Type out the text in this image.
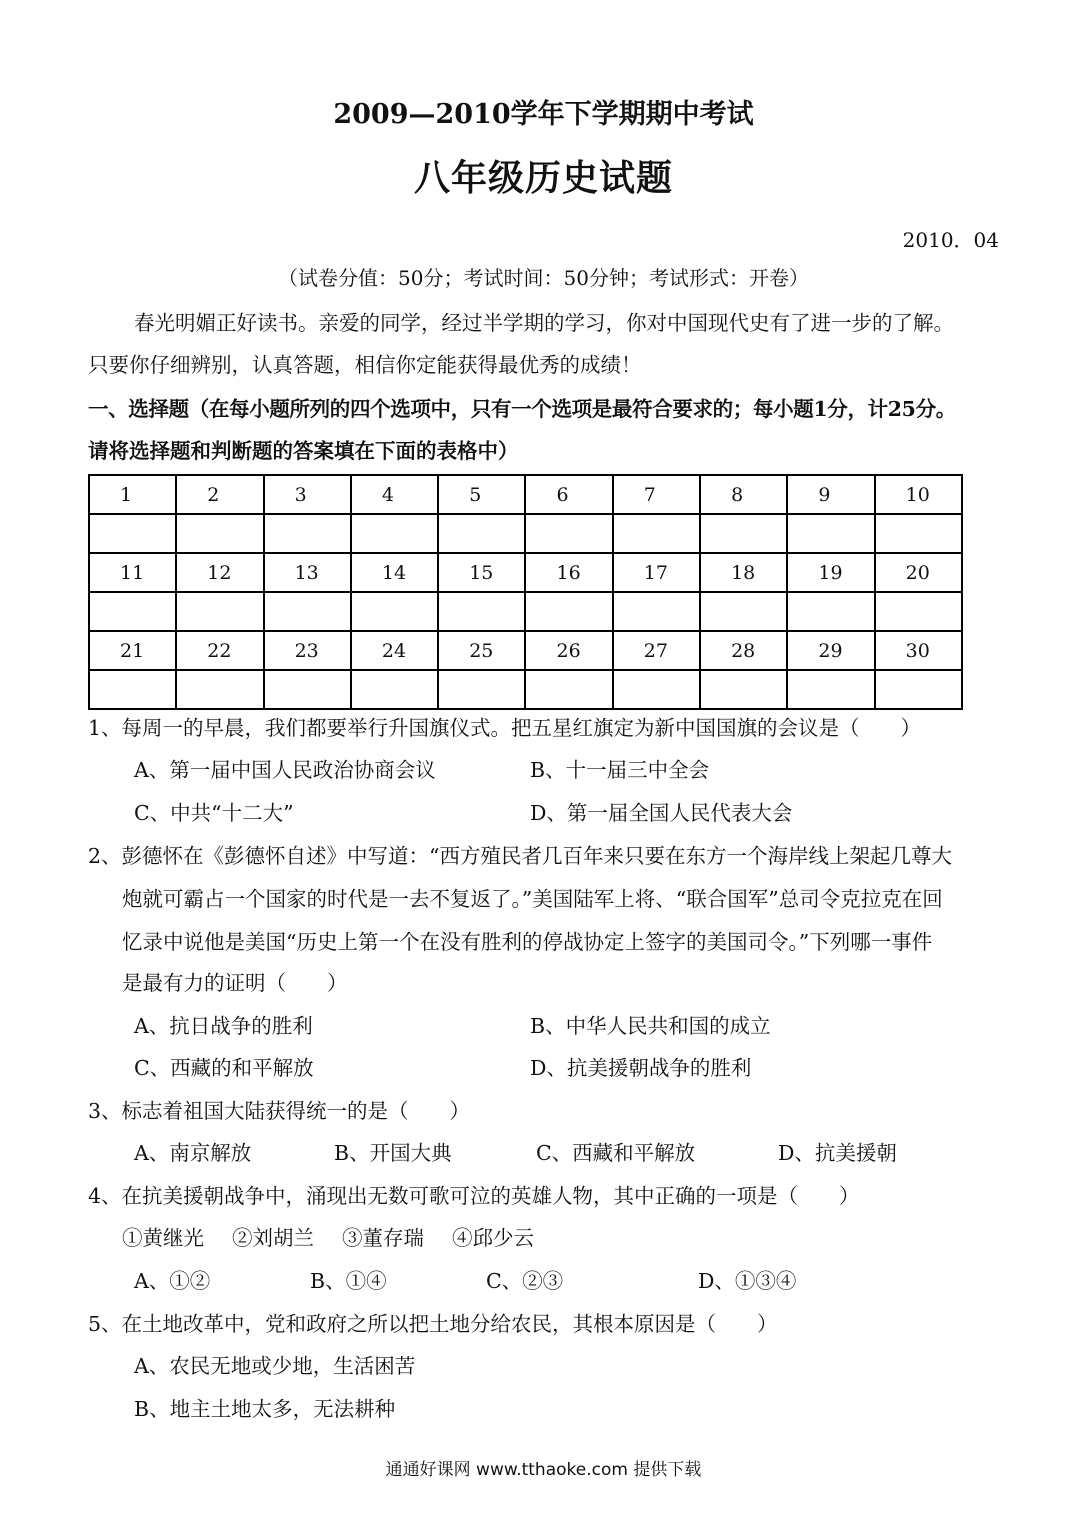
2009—2010学年下学期期中考试
八年级历史试题
2010．04
（试卷分值：50分；考试时间：50分钟；考试形式：开卷）
春光明媚正好读书。亲爱的同学，经过半学期的学习，你对中国现代史有了进一步的了解。
只要你仔细辨别，认真答题，相信你定能获得最优秀的成绩！
一、选择题（在每小题所列的四个选项中，只有一个选项是最符合要求的；每小题1分，计25分。
请将选择题和判断题的答案填在下面的表格中）
1	2	3	4	5	6	7	8	9	10

11	12	13	14	15	16	17	18	19	20

21	22	23	24	25	26	27	28	29	30

1、每周一的早晨，我们都要举行升国旗仪式。把五星红旗定为新中国国旗的会议是（　　）
A、第一届中国人民政治协商会议	B、十一届三中全会
C、中共“十二大”	D、第一届全国人民代表大会
2、彭德怀在《彭德怀自述》中写道：“西方殖民者几百年来只要在东方一个海岸线上架起几尊大
炮就可霸占一个国家的时代是一去不复返了。”美国陆军上将、“联合国军”总司令克拉克在回
忆录中说他是美国“历史上第一个在没有胜利的停战协定上签字的美国司令。”下列哪一事件
是最有力的证明（　　）
A、抗日战争的胜利	B、中华人民共和国的成立
C、西藏的和平解放	D、抗美援朝战争的胜利
3、标志着祖国大陆获得统一的是（　　）
A、南京解放	B、开国大典	C、西藏和平解放	D、抗美援朝
4、在抗美援朝战争中，涌现出无数可歌可泣的英雄人物，其中正确的一项是（　　）
①黄继光 ②刘胡兰 ③董存瑞 ④邱少云
A、①②	B、①④	C、②③	D、①③④
5、在土地改革中，党和政府之所以把土地分给农民，其根本原因是（　　）
A、农民无地或少地，生活困苦
B、地主土地太多，无法耕种
通通好课网 www.tthaoke.com 提供下载
